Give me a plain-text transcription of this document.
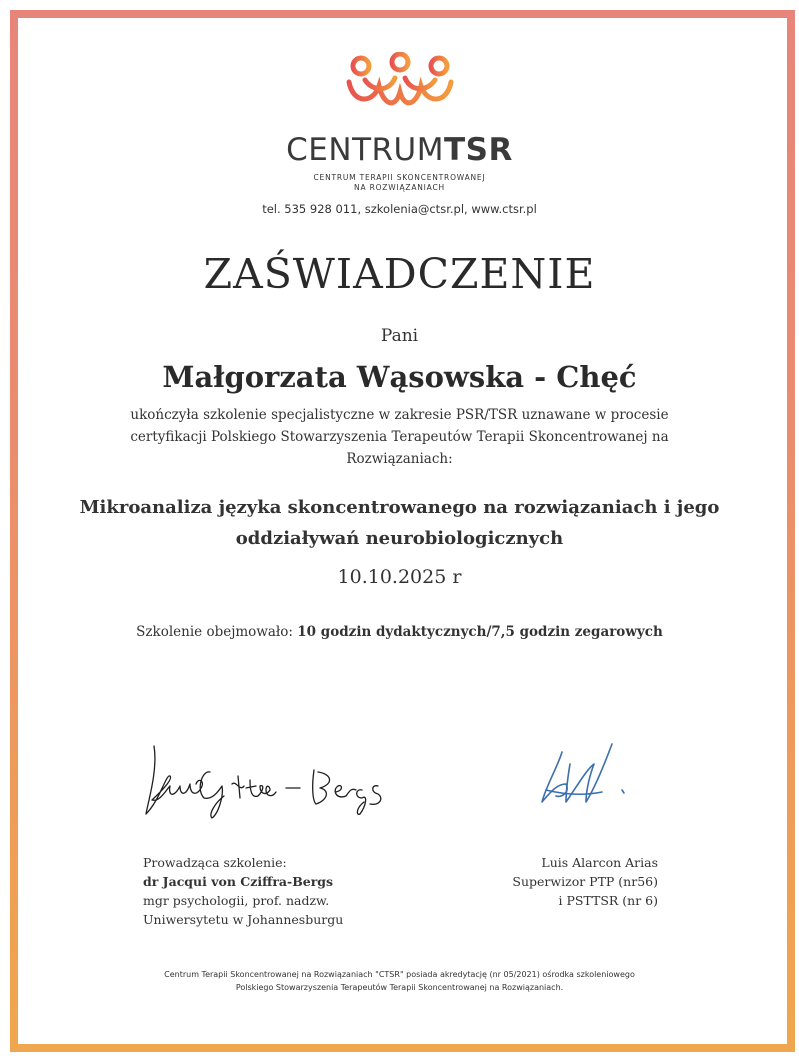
CENTRUMTSR
CENTRUM TERAPII SKONCENTROWANEJ
NA ROZWIĄZANIACH
tel. 535 928 011, szkolenia@ctsr.pl, www.ctsr.pl
ZAŚWIADCZENIE
Pani
Małgorzata Wąsowska - Chęć
ukończyła szkolenie specjalistyczne w zakresie PSR/TSR uznawane w procesie
certyfikacji Polskiego Stowarzyszenia Terapeutów Terapii Skoncentrowanej na
Rozwiązaniach:
Mikroanaliza języka skoncentrowanego na rozwiązaniach i jego
oddziaływań neurobiologicznych
10.10.2025 r
Szkolenie obejmowało: 10 godzin dydaktycznych/7,5 godzin zegarowych
Prowadząca szkolenie:
dr Jacqui von Cziffra-Bergs
mgr psychologii, prof. nadzw.
Uniwersytetu w Johannesburgu
Luis Alarcon Arias
Superwizor PTP (nr56)
i PSTTSR (nr 6)
Centrum Terapii Skoncentrowanej na Rozwiązaniach "CTSR" posiada akredytację (nr 05/2021) ośrodka szkoleniowego
Polskiego Stowarzyszenia Terapeutów Terapii Skoncentrowanej na Rozwiązaniach.
